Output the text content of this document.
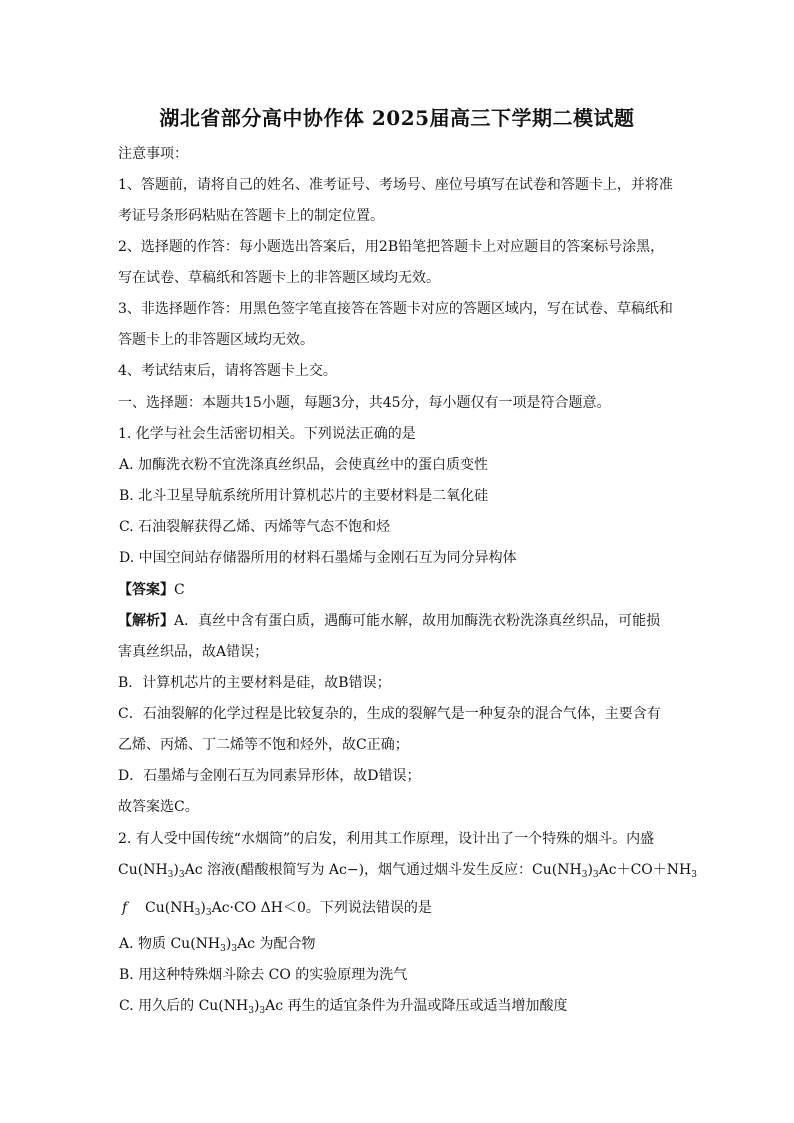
湖北省部分高中协作体 2025届高三下学期二模试题
注意事项：
1、答题前，请将自己的姓名、准考证号、考场号、座位号填写在试卷和答题卡上，并将准
考证号条形码粘贴在答题卡上的制定位置。
2、选择题的作答：每小题选出答案后，用2B铅笔把答题卡上对应题目的答案标号涂黑，
写在试卷、草稿纸和答题卡上的非答题区域均无效。
3、非选择题作答：用黑色签字笔直接答在答题卡对应的答题区域内，写在试卷、草稿纸和
答题卡上的非答题区域均无效。
4、考试结束后，请将答题卡上交。
一、选择题：本题共15小题，每题3分，共45分，每小题仅有一项是符合题意。
1. 化学与社会生活密切相关。下列说法正确的是
A. 加酶洗衣粉不宜洗涤真丝织品，会使真丝中的蛋白质变性
B. 北斗卫星导航系统所用计算机芯片的主要材料是二氧化硅
C. 石油裂解获得乙烯、丙烯等气态不饱和烃
D. 中国空间站存储器所用的材料石墨烯与金刚石互为同分异构体
【答案】C
【解析】A．真丝中含有蛋白质，遇酶可能水解，故用加酶洗衣粉洗涤真丝织品，可能损
害真丝织品，故A错误；
B．计算机芯片的主要材料是硅，故B错误；
C．石油裂解的化学过程是比较复杂的，生成的裂解气是一种复杂的混合气体，主要含有
乙烯、丙烯、丁二烯等不饱和烃外，故C正确；
D．石墨烯与金刚石互为同素异形体，故D错误；
故答案选C。
2. 有人受中国传统“水烟筒”的启发，利用其工作原理，设计出了一个特殊的烟斗。内盛
$Cu(NH_3)_3Ac$ 溶液(醋酸根简写为 Ac−)，烟气通过烟斗发生反应：$Cu(NH_3)_3Ac+CO+NH_3$
f $Cu(NH_3)_3Ac\cdot CO$ ΔH＜0。下列说法错误的是
A. 物质 $Cu(NH_3)_3Ac$ 为配合物
B. 用这种特殊烟斗除去 CO 的实验原理为洗气
C. 用久后的 $Cu(NH_3)_3Ac$ 再生的适宜条件为升温或降压或适当增加酸度
